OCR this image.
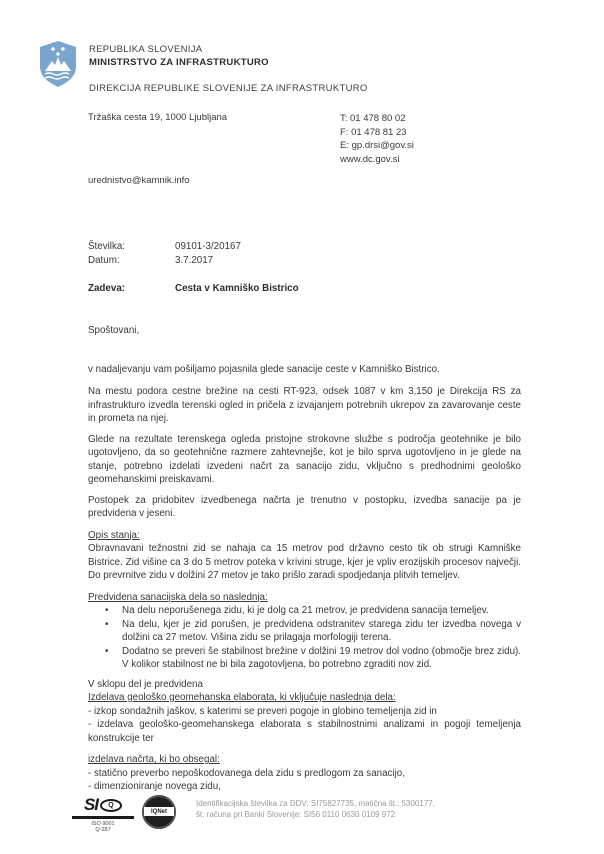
REPUBLIKA SLOVENIJA
MINISTRSTVO ZA INFRASTRUKTURO
DIREKCIJA REPUBLIKE SLOVENIJE ZA INFRASTRUKTURO
Tržaška cesta 19, 1000 Ljubljana	T: 01 478 80 02
F: 01 478 81 23
E: gp.drsi@gov.si
www.dc.gov.si
urednistvo@kamnik.info
Številka:	09101-3/20167
Datum:	3.7.2017
Zadeva:	Cesta v Kamniško Bistrico

Spoštovani,

v nadaljevanju vam pošiljamo pojasnila glede sanacije ceste v Kamniško Bistrico.

Na mestu podora cestne brežine na cesti RT-923, odsek 1087 v km 3,150 je Direkcija RS za infrastrukturo izvedla terenski ogled in pričela z izvajanjem potrebnih ukrepov za zavarovanje ceste in prometa na njej.

Glede na rezultate terenskega ogleda pristojne strokovne službe s področja geotehnike je bilo ugotovljeno, da so geotehnične razmere zahtevnejše, kot je bilo sprva ugotovljeno in je glede na stanje, potrebno izdelati izvedeni načrt za sanacijo zidu, vključno s predhodnimi geološko geomehanskimi preiskavami.

Postopek za pridobitev izvedbenega načrta je trenutno v postopku, izvedba sanacije pa je predvidena v jeseni.

Opis stanja:

Obravnavani težnostni zid se nahaja ca 15 metrov pod državno cesto tik ob strugi Kamniške Bistrice. Zid višine ca 3 do 5 metrov poteka v krivini struge, kjer je vpliv erozijskih procesov največji. Do prevrnitve zidu v dolžini 27 metov je tako prišlo zaradi spodjedanja plitvih temeljev.

Predvidena sanacijska dela so naslednja:

•	Na delu neporušenega zidu, ki je dolg ca 21 metrov, je predvidena sanacija temeljev.
•	Na delu, kjer je zid porušen, je predvidena odstranitev starega zidu ter izvedba novega v dolžini ca 27 metov. Višina zidu se prilagaja morfologiji terena.
•	Dodatno se preveri še stabilnost brežine v dolžini 19 metrov dol vodno (območje brez zidu). V kolikor stabilnost ne bi bila zagotovljena, bo potrebno zgraditi nov zid.

V sklopu del je predvidena

Izdelava geološko geomehanska elaborata, ki vključuje naslednja dela:

- izkop sondažnih jaškov, s katerimi se preveri pogoje in globino temeljenja zid in

- izdelava geološko-geomehanskega elaborata s stabilnostnimi analizami in pogoji temeljenja konstrukcije ter

izdelava načrta, ki bo obsegal:

- statično preverbo nepoškodovanega dela zidu s predlogom za sanacijo,

- dimenzioniranje novega zidu,

SI	Q
ISO 9001
Q-287
IQNet
Identifikacijska številka za DDV: SI75827735, matična št.: 5300177,
št. računa pri Banki Slovenije: SI56 0110 0630 0109 972
